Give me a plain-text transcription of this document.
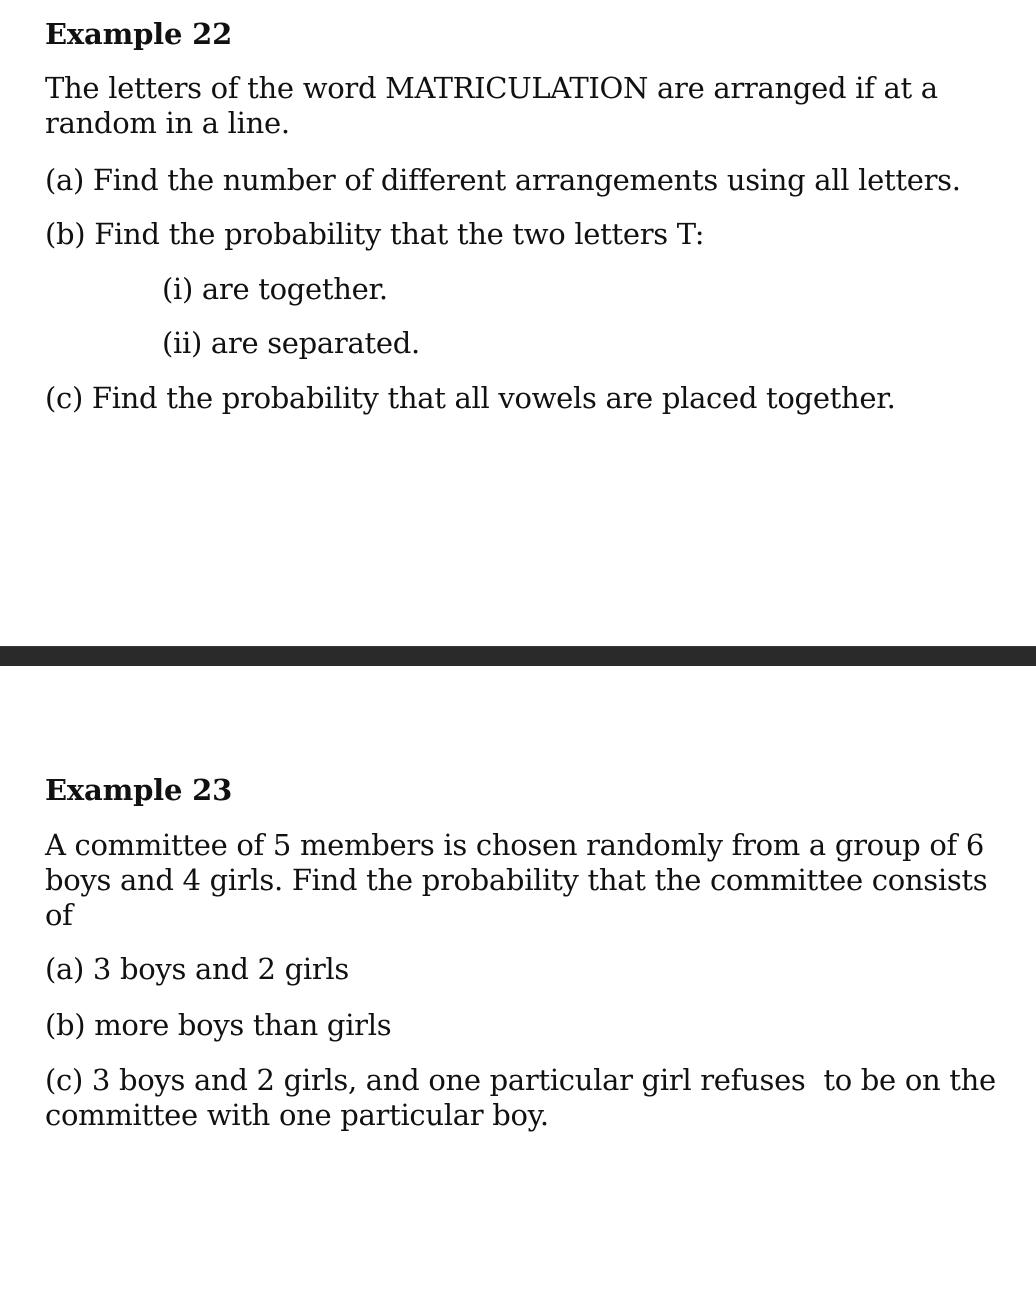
Example 22
The letters of the word MATRICULATION are arranged if at a random in a line.
(a) Find the number of different arrangements using all letters.
(b) Find the probability that the two letters T:
(i) are together.
(ii) are separated.
(c) Find the probability that all vowels are placed together.
Example 23
A committee of 5 members is chosen randomly from a group of 6 boys and 4 girls. Find the probability that the committee consists of
(a) 3 boys and 2 girls
(b) more boys than girls
(c) 3 boys and 2 girls, and one particular girl refuses  to be on the committee with one particular boy.
